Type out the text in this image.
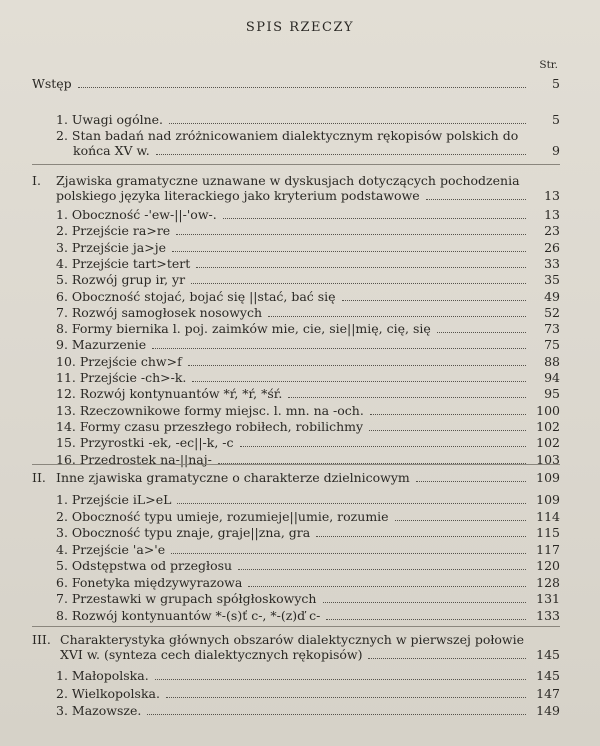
SPIS RZECZY
Str.
Wstęp	5
1. Uwagi ogólne.	5
2. Stan badań nad zróżnicowaniem dialektycznym rękopisów polskich do
końca XV w.	9
I.	Zjawiska gramatyczne uznawane w dyskusjach dotyczących pochodzenia
polskiego języka literackiego jako kryterium podstawowe	13
1. Oboczność -'ew-||-'ow-.	13
2. Przejście ra>re	23
3. Przejście ja>je	26
4. Przejście tart>tert	33
5. Rozwój grup ir, yr	35
6. Oboczność stojać, bojać się ||stać, bać się	49
7. Rozwój samogłosek nosowych	52
8. Formy biernika l. poj. zaimków mie, cie, sie||mię, cię, się	73
9. Mazurzenie	75
10. Przejście chw>f	88
11. Przejście -ch>-k.	94
12. Rozwój kontynuantów *ŕ, *ŕ, *śŕ.	95
13. Rzeczownikowe formy miejsc. l. mn. na -och.	100
14. Formy czasu przeszłego robiłech, robilichmy	102
15. Przyrostki -ek, -ec||-k, -c	102
16. Przedrostek na-||naj-	103
II. Inne zjawiska gramatyczne o charakterze dzielnicowym	109
1. Przejście iL>eL	109
2. Oboczność typu umieje, rozumieje||umie, rozumie	114
3. Oboczność typu znaje, graje||zna, gra	115
4. Przejście 'a>'e	117
5. Odstępstwa od przegłosu	120
6. Fonetyka międzywyrazowa	128
7. Przestawki w grupach spółgłoskowych	131
8. Rozwój kontynuantów *-(s)ť c-, *-(z)ď c-	133
III. Charakterystyka głównych obszarów dialektycznych w pierwszej połowie
XVI w. (synteza cech dialektycznych rękopisów)	145
1. Małopolska.	145
2. Wielkopolska.	147
3. Mazowsze.	149
